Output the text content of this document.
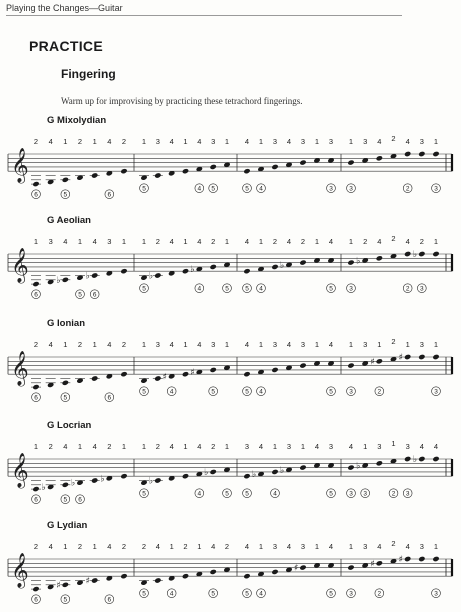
Playing the Changes—Guitar
PRACTICE
Fingering
Warm up for improvising by practicing these tetrachord fingerings.
G Mixolydian
𝄞
2
6
4 1
5
2 1 4
6
2 1
5
3 4 1 4
4
3
5
1 4
5
1
4
3 4 3 1 3
3
1
3
3 4 2 4
2
3 1
3
G Aeolian
𝄞
1
6
3
♭
4 1
5
♭
4
6
3 1 1
5
♭
2 4 1
♭
4
4
2 1
5
4
5
1
4
2
♭
4 2 1 4
5
1
3
♭
2 4 2 4
2
♭
2
3
1
G Ionian
𝄞
2
6
4 1
5
2 1 4
6
2 1
5
3
♯
4
4
1
♯
4 3
5
1 4
5
1
4
3 4 3 1 4
5
1
3
3
♯
1
2
2
♯
1 3 1
3
G Locrian
𝄞
1
6
♭
2 4
5
♭
1
6
4
♭
2 1 1
5
♭
2 4 1 4
4
♭
2 1
5
3
5
♭
4 1
4
♭
3 1 4 3
5
4
3
♭
1
3
3 1
2
3
3
♭
4 4
G Lydian
𝄞
2
6
4
♯
1
5
2
♯
1 4
6
2 2
5
4 1
4
2 1 4
5
2 4
5
1
4
3 4
♯
3 1 4
5
1
3
3
♯
4
2
2
♯
4 3 1
3
